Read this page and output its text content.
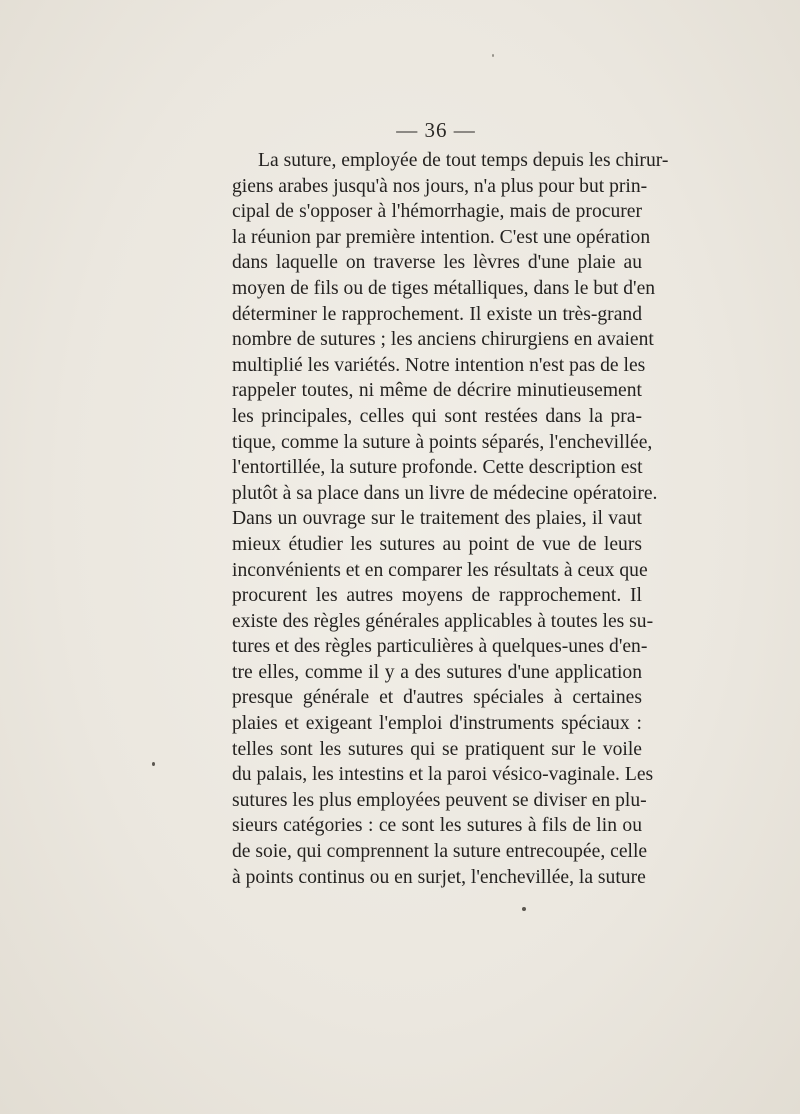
— 36 —
La suture, employée de tout temps depuis les chirur-
giens arabes jusqu'à nos jours, n'a plus pour but prin-
cipal de s'opposer à l'hémorrhagie, mais de procurer
la réunion par première intention. C'est une opération
dans laquelle on traverse les lèvres d'une plaie au
moyen de fils ou de tiges métalliques, dans le but d'en
déterminer le rapprochement. Il existe un très-grand
nombre de sutures ; les anciens chirurgiens en avaient
multiplié les variétés. Notre intention n'est pas de les
rappeler toutes, ni même de décrire minutieusement
les principales, celles qui sont restées dans la pra-
tique, comme la suture à points séparés, l'enchevillée,
l'entortillée, la suture profonde. Cette description est
plutôt à sa place dans un livre de médecine opératoire.
Dans un ouvrage sur le traitement des plaies, il vaut
mieux étudier les sutures au point de vue de leurs
inconvénients et en comparer les résultats à ceux que
procurent les autres moyens de rapprochement. Il
existe des règles générales applicables à toutes les su-
tures et des règles particulières à quelques-unes d'en-
tre elles, comme il y a des sutures d'une application
presque générale et d'autres spéciales à certaines
plaies et exigeant l'emploi d'instruments spéciaux :
telles sont les sutures qui se pratiquent sur le voile
du palais, les intestins et la paroi vésico-vaginale. Les
sutures les plus employées peuvent se diviser en plu-
sieurs catégories : ce sont les sutures à fils de lin ou
de soie, qui comprennent la suture entrecoupée, celle
à points continus ou en surjet, l'enchevillée, la suture
